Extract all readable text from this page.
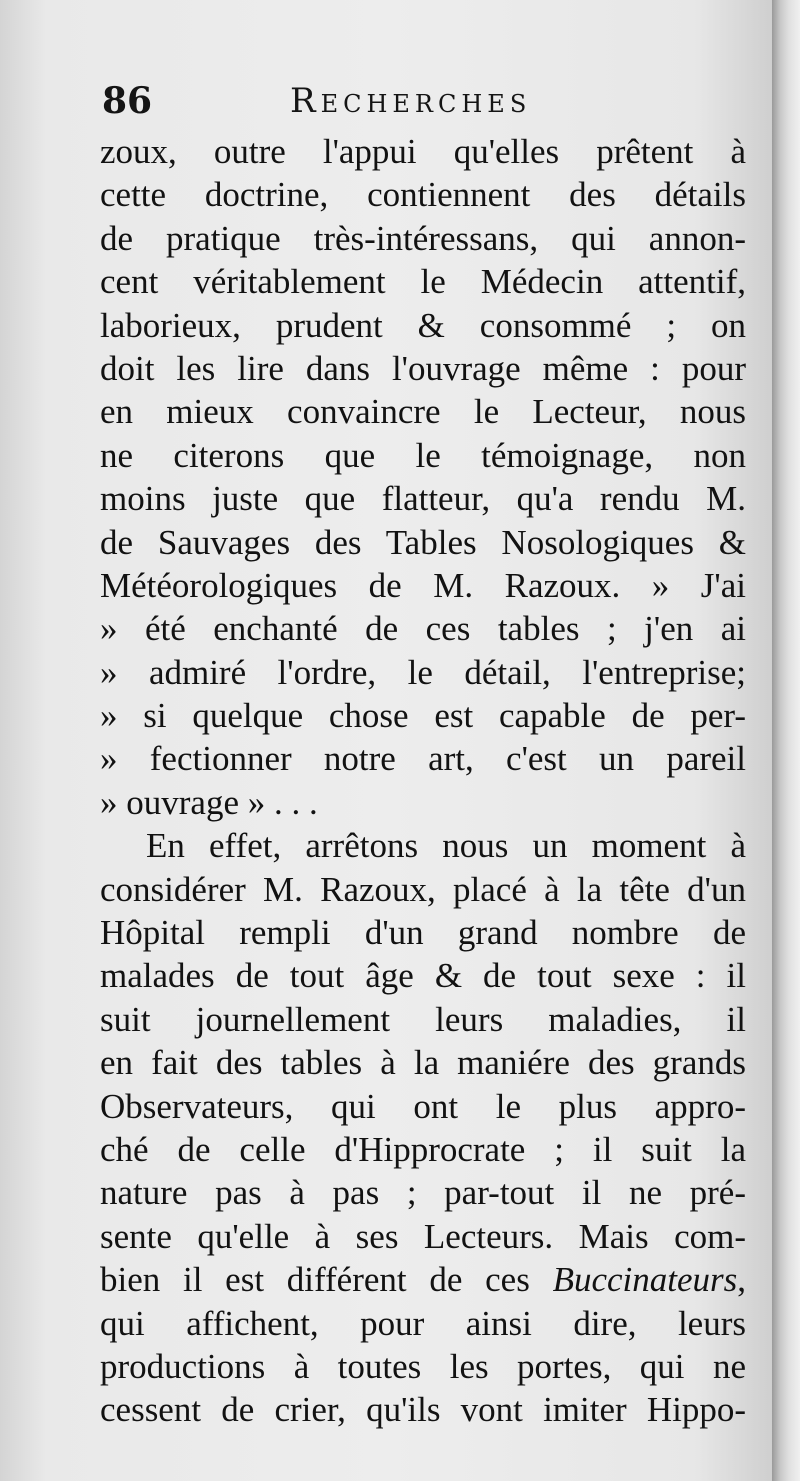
86	Recherches
zoux, outre l'appui qu'elles prêtent à
cette doctrine, contiennent des détails
de pratique très-intéressans, qui annon-
cent véritablement le Médecin attentif,
laborieux, prudent & consommé ; on
doit les lire dans l'ouvrage même : pour
en mieux convaincre le Lecteur, nous
ne citerons que le témoignage, non
moins juste que flatteur, qu'a rendu M.
de Sauvages des Tables Nosologiques &
Météorologiques de M. Razoux. » J'ai
» été enchanté de ces tables ; j'en ai
» admiré l'ordre, le détail, l'entreprise;
» si quelque chose est capable de per-
» fectionner notre art, c'est un pareil
» ouvrage » . . .
En effet, arrêtons nous un moment à
considérer M. Razoux, placé à la tête d'un
Hôpital rempli d'un grand nombre de
malades de tout âge & de tout sexe : il
suit journellement leurs maladies, il
en fait des tables à la maniére des grands
Observateurs, qui ont le plus appro-
ché de celle d'Hipprocrate ; il suit la
nature pas à pas ; par-tout il ne pré-
sente qu'elle à ses Lecteurs. Mais com-
bien il est différent de ces Buccinateurs,
qui affichent, pour ainsi dire, leurs
productions à toutes les portes, qui ne
cessent de crier, qu'ils vont imiter Hippo-
